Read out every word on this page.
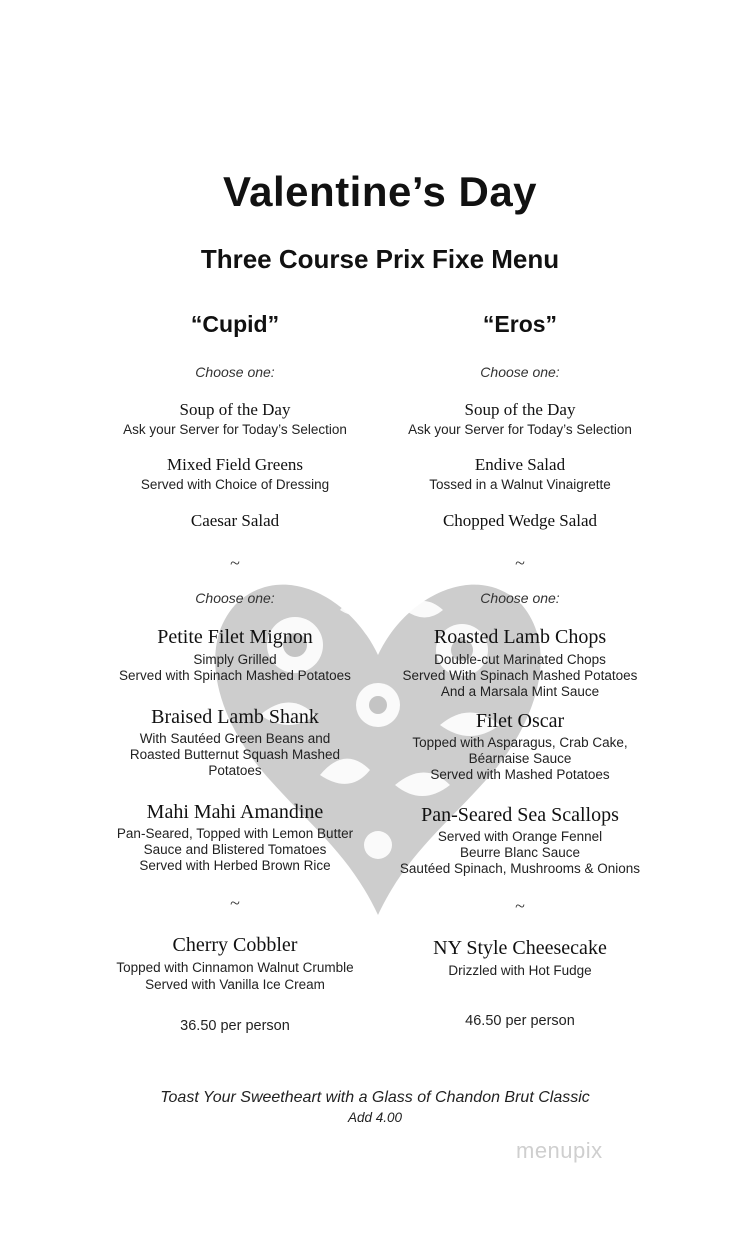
Valentine’s Day
Three Course Prix Fixe Menu
“Cupid”
Choose one:
Soup of the Day
Ask your Server for Today’s Selection
Mixed Field Greens
Served with Choice of Dressing
Caesar Salad
~
Choose one:
Petite Filet Mignon
Simply Grilled
Served with Spinach Mashed Potatoes
Braised Lamb Shank
With Sautéed Green Beans and
Roasted Butternut Squash Mashed
Potatoes
Mahi Mahi Amandine
Pan-Seared, Topped with Lemon Butter
Sauce and Blistered Tomatoes
Served with Herbed Brown Rice
~
Cherry Cobbler
Topped with Cinnamon Walnut Crumble
Served with Vanilla Ice Cream
36.50 per person
“Eros”
Choose one:
Soup of the Day
Ask your Server for Today’s Selection
Endive Salad
Tossed in a Walnut Vinaigrette
Chopped Wedge Salad
~
Choose one:
Roasted Lamb Chops
Double-cut Marinated Chops
Served With Spinach Mashed Potatoes
And a Marsala Mint Sauce
Filet Oscar
Topped with Asparagus, Crab Cake,
Béarnaise Sauce
Served with Mashed Potatoes
Pan-Seared Sea Scallops
Served with Orange Fennel
Beurre Blanc Sauce
Sautéed Spinach, Mushrooms & Onions
~
NY Style Cheesecake
Drizzled with Hot Fudge
46.50 per person
Toast Your Sweetheart with a Glass of Chandon Brut Classic
Add 4.00
menupix
